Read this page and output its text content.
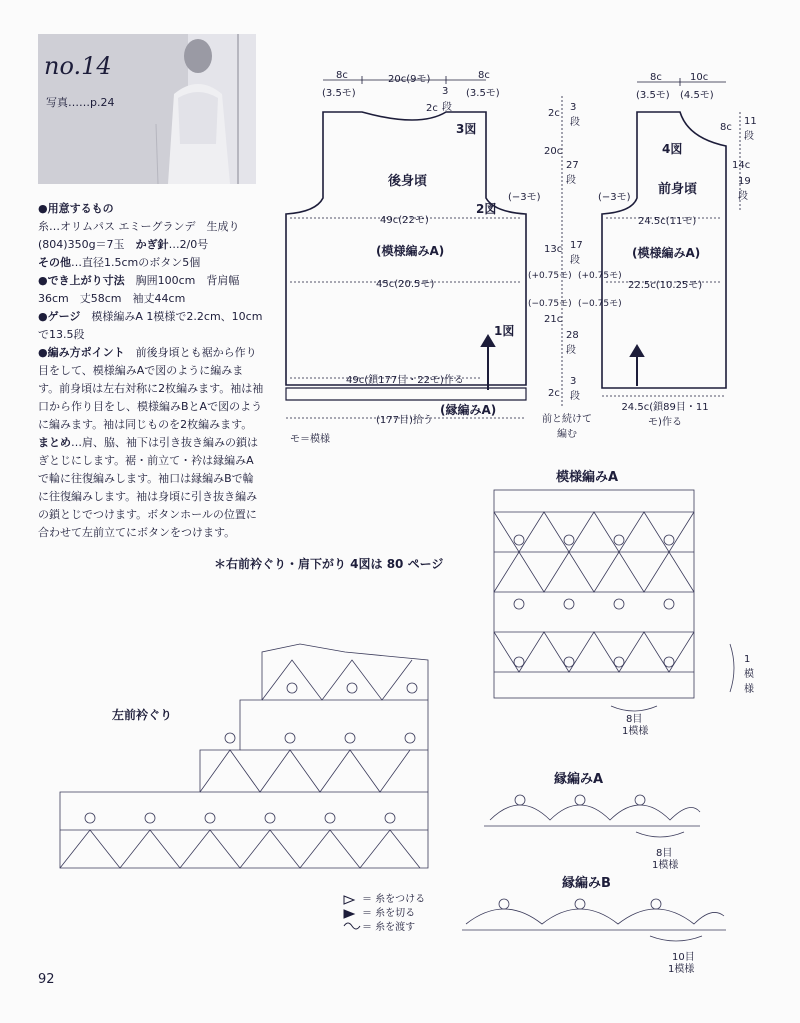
no.14
写真……p.24

●用意するもの

糸…オリムパス エミーグランデ　生成り (804)350g＝7玉　かぎ針…2/0号

その他…直径1.5cmのボタン5個

●でき上がり寸法　胸囲100cm　背肩幅36cm　丈58cm　袖丈44cm

●ゲージ　模様編みA 1模様で2.2cm、10cmで13.5段

●編み方ポイント　前後身頃とも裾から作り目をして、模様編みAで図のように編みます。前身頃は左右対称に2枚編みます。袖は袖口から作り目をし、模様編みBとAで図のように編みます。袖は同じものを2枚編みます。

まとめ…肩、脇、袖下は引き抜き編みの鎖はぎとじにします。裾・前立て・衿は縁編みAで輪に往復編みします。袖口は縁編みBで輪に往復編みします。袖は身頃に引き抜き編みの鎖とじでつけます。ボタンホールの位置に合わせて左前立てにボタンをつけます。

＊右前衿ぐり・肩下がり 4図は 80 ページ
8c
(3.5モ)
20c(9モ)
3
段
8c
(3.5モ)
2c
3図
後身頃
2図
(−3モ)
49c(22モ)
(模様編みA)
45c(20.5モ)
1図
49c(鎖177目・22モ)作る
(縁編みA)
(177目)拾う
モ＝模様
2c
3段
20c
27段
13c 17段
(+0.75モ) (+0.75モ)
(−0.75モ) (−0.75モ)
21c
28段
2c
3段
前と続けて編む
8c
(3.5モ)
10c
(4.5モ)
8c
11段
4図
14c
19段
前身頃
(−3モ)
24.5c(11モ)
(模様編みA)
22.5c(10.25モ)
24.5c(鎖89目・11モ)作る
模様編みA
8目
1模様
1模様
縁編みA
8目
1模様
縁編みB
10目
1模様
左前衿ぐり
＝ 糸をつける
＝ 糸を切る
＝ 糸を渡す
92
